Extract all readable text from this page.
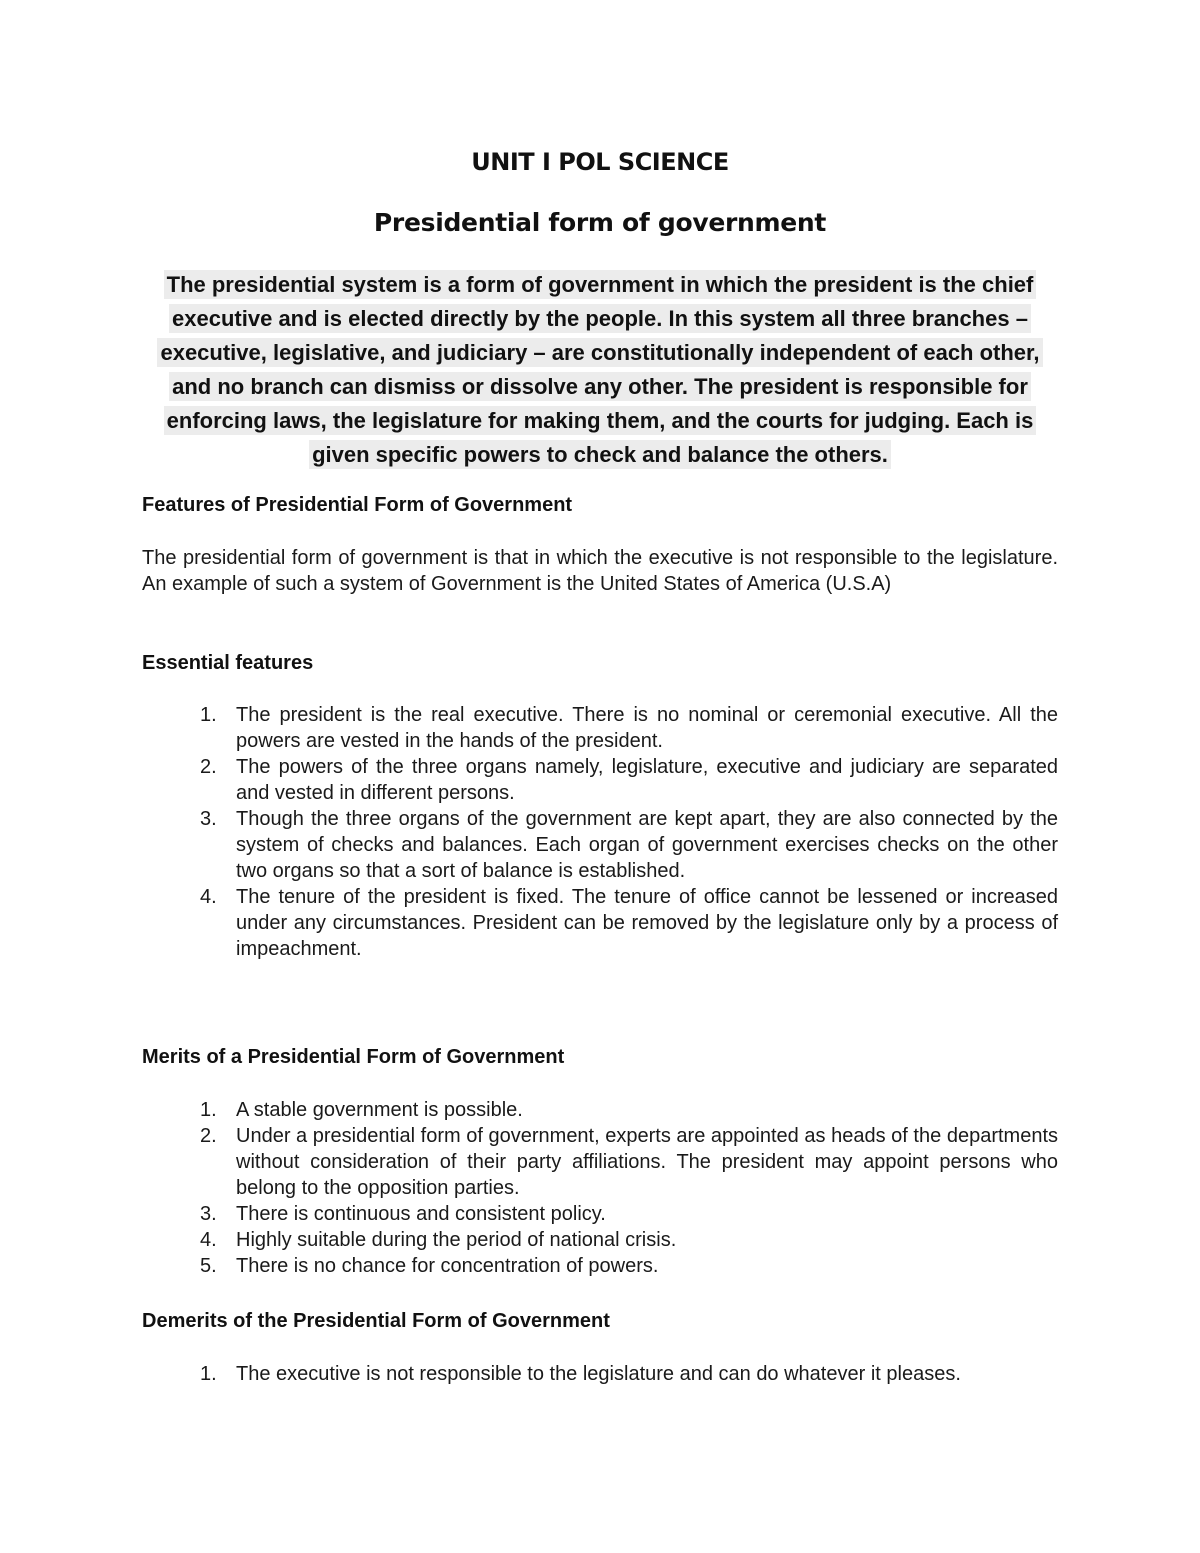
UNIT I POL SCIENCE
Presidential form of government

The presidential system is a form of government in which the president is the chief executive and is elected directly by the people. In this system all three branches – executive, legislative, and judiciary – are constitutionally independent of each other, and no branch can dismiss or dissolve any other. The president is responsible for enforcing laws, the legislature for making them, and the courts for judging. Each is given specific powers to check and balance the others.

Features of Presidential Form of Government

The presidential form of government is that in which the executive is not responsible to the legislature. An example of such a system of Government is the United States of America (U.S.A)

Essential features

1. The president is the real executive. There is no nominal or ceremonial executive. All the powers are vested in the hands of the president.
2. The powers of the three organs namely, legislature, executive and judiciary are separated and vested in different persons.
3. Though the three organs of the government are kept apart, they are also connected by the system of checks and balances. Each organ of government exercises checks on the other two organs so that a sort of balance is established.
4. The tenure of the president is fixed. The tenure of office cannot be lessened or increased under any circumstances. President can be removed by the legislature only by a process of impeachment.

Merits of a Presidential Form of Government

1. A stable government is possible.
2. Under a presidential form of government, experts are appointed as heads of the departments without consideration of their party affiliations. The president may appoint persons who belong to the opposition parties.
3. There is continuous and consistent policy.
4. Highly suitable during the period of national crisis.
5. There is no chance for concentration of powers.

Demerits of the Presidential Form of Government

1. The executive is not responsible to the legislature and can do whatever it pleases.
